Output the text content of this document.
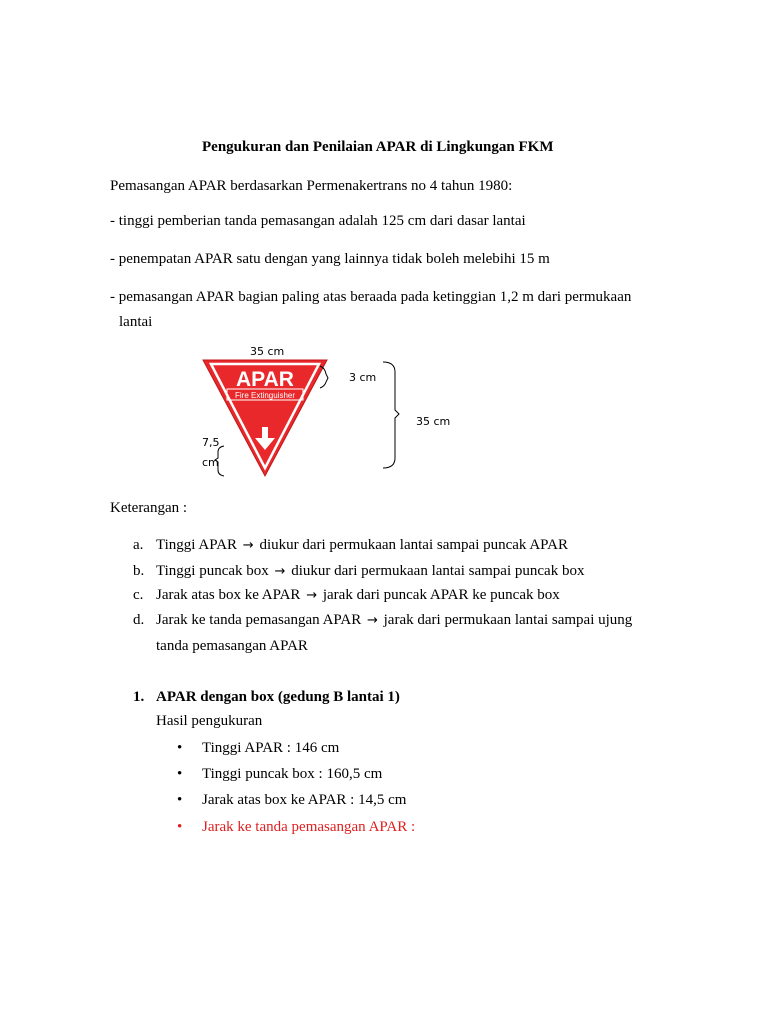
Pengukuran dan Penilaian APAR di Lingkungan FKM
Pemasangan APAR berdasarkan Permenakertrans no 4 tahun 1980:
- tinggi pemberian tanda pemasangan adalah 125 cm dari dasar lantai
- penempatan APAR satu dengan yang lainnya tidak boleh melebihi 15 m
- pemasangan APAR bagian paling atas beraada pada ketinggian 1,2 m dari permukaan
lantai
35 cm
3 cm
35 cm
7,5
cm
APAR
Fire Extinguisher
Keterangan :
a. Tinggi APAR → diukur dari permukaan lantai sampai puncak APAR
b. Tinggi puncak box → diukur dari permukaan lantai sampai puncak box
c. Jarak atas box ke APAR → jarak dari puncak APAR ke puncak box
d. Jarak ke tanda pemasangan APAR → jarak dari permukaan lantai sampai ujung
tanda pemasangan APAR
1. APAR dengan box (gedung B lantai 1)
Hasil pengukuran
• Tinggi APAR : 146 cm
• Tinggi puncak box : 160,5 cm
• Jarak atas box ke APAR : 14,5 cm
• Jarak ke tanda pemasangan APAR :
